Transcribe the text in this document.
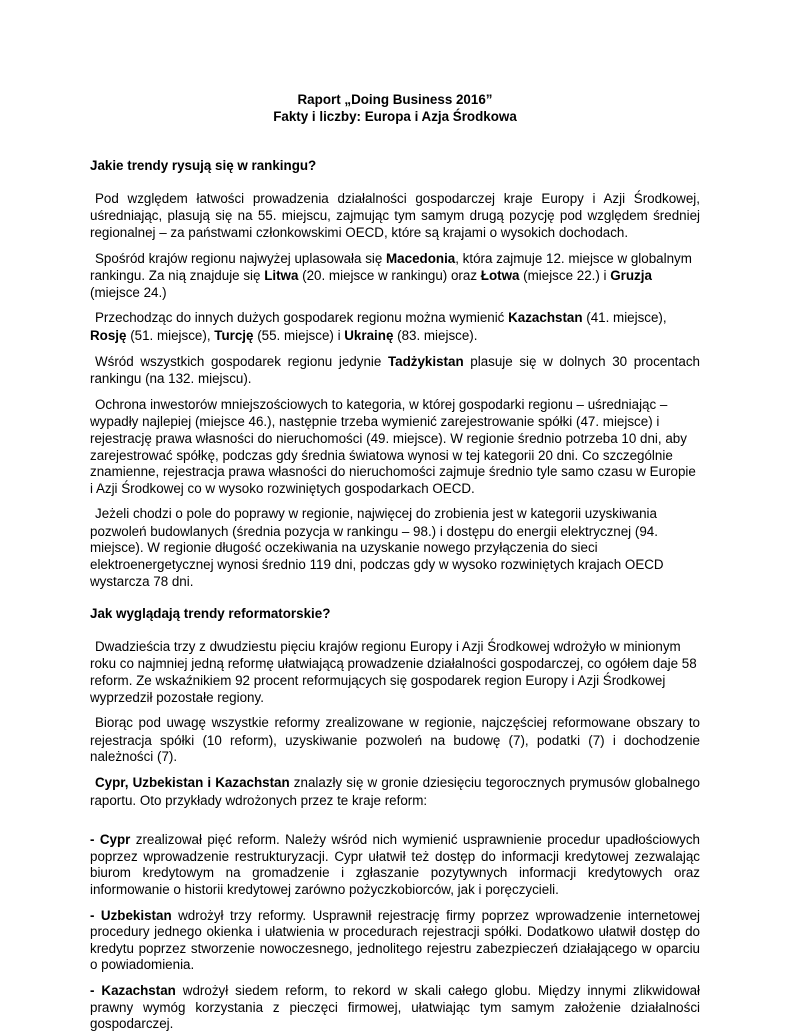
Raport „Doing Business 2016”
Fakty i liczby: Europa i Azja Środkowa

Jakie trendy rysują się w rankingu?

Pod względem łatwości prowadzenia działalności gospodarczej kraje Europy i Azji Środkowej, uśredniając, plasują się na 55. miejscu, zajmując tym samym drugą pozycję pod względem średniej regionalnej – za państwami członkowskimi OECD, które są krajami o wysokich dochodach.

Spośród krajów regionu najwyżej uplasowała się Macedonia, która zajmuje 12. miejsce w globalnym rankingu. Za nią znajduje się Litwa (20. miejsce w rankingu) oraz Łotwa (miejsce 22.) i Gruzja (miejsce 24.)

Przechodząc do innych dużych gospodarek regionu można wymienić Kazachstan (41. miejsce), Rosję (51. miejsce), Turcję (55. miejsce) i Ukrainę (83. miejsce).

Wśród wszystkich gospodarek regionu jedynie Tadżykistan plasuje się w dolnych 30 procentach rankingu (na 132. miejscu).

Ochrona inwestorów mniejszościowych to kategoria, w której gospodarki regionu – uśredniając – wypadły najlepiej (miejsce 46.), następnie trzeba wymienić zarejestrowanie spółki (47. miejsce) i rejestrację prawa własności do nieruchomości (49. miejsce). W regionie średnio potrzeba 10 dni, aby zarejestrować spółkę, podczas gdy średnia światowa wynosi w tej kategorii 20 dni. Co szczególnie znamienne, rejestracja prawa własności do nieruchomości zajmuje średnio tyle samo czasu w Europie i Azji Środkowej co w wysoko rozwiniętych gospodarkach OECD.

Jeżeli chodzi o pole do poprawy w regionie, najwięcej do zrobienia jest w kategorii uzyskiwania pozwoleń budowlanych (średnia pozycja w rankingu – 98.) i dostępu do energii elektrycznej (94. miejsce). W regionie długość oczekiwania na uzyskanie nowego przyłączenia do sieci elektroenergetycznej wynosi średnio 119 dni, podczas gdy w wysoko rozwiniętych krajach OECD wystarcza 78 dni.

Jak wyglądają trendy reformatorskie?

Dwadzieścia trzy z dwudziestu pięciu krajów regionu Europy i Azji Środkowej wdrożyło w minionym roku co najmniej jedną reformę ułatwiającą prowadzenie działalności gospodarczej, co ogółem daje 58 reform. Ze wskaźnikiem 92 procent reformujących się gospodarek region Europy i Azji Środkowej wyprzedził pozostałe regiony.

Biorąc pod uwagę wszystkie reformy zrealizowane w regionie, najczęściej reformowane obszary to rejestracja spółki (10 reform), uzyskiwanie pozwoleń na budowę (7), podatki (7) i dochodzenie należności (7).

Cypr, Uzbekistan i Kazachstan znalazły się w gronie dziesięciu tegorocznych prymusów globalnego raportu. Oto przykłady wdrożonych przez te kraje reform:

- Cypr zrealizował pięć reform. Należy wśród nich wymienić usprawnienie procedur upadłościowych poprzez wprowadzenie restrukturyzacji. Cypr ułatwił też dostęp do informacji kredytowej zezwalając biurom kredytowym na gromadzenie i zgłaszanie pozytywnych informacji kredytowych oraz informowanie o historii kredytowej zarówno pożyczkobiorców, jak i poręczycieli.

- Uzbekistan wdrożył trzy reformy. Usprawnił rejestrację firmy poprzez wprowadzenie internetowej procedury jednego okienka i ułatwienia w procedurach rejestracji spółki. Dodatkowo ułatwił dostęp do kredytu poprzez stworzenie nowoczesnego, jednolitego rejestru zabezpieczeń działającego w oparciu o powiadomienia.

- Kazachstan wdrożył siedem reform, to rekord w skali całego globu. Między innymi zlikwidował prawny wymóg korzystania z pieczęci firmowej, ułatwiając tym samym założenie działalności gospodarczej.
